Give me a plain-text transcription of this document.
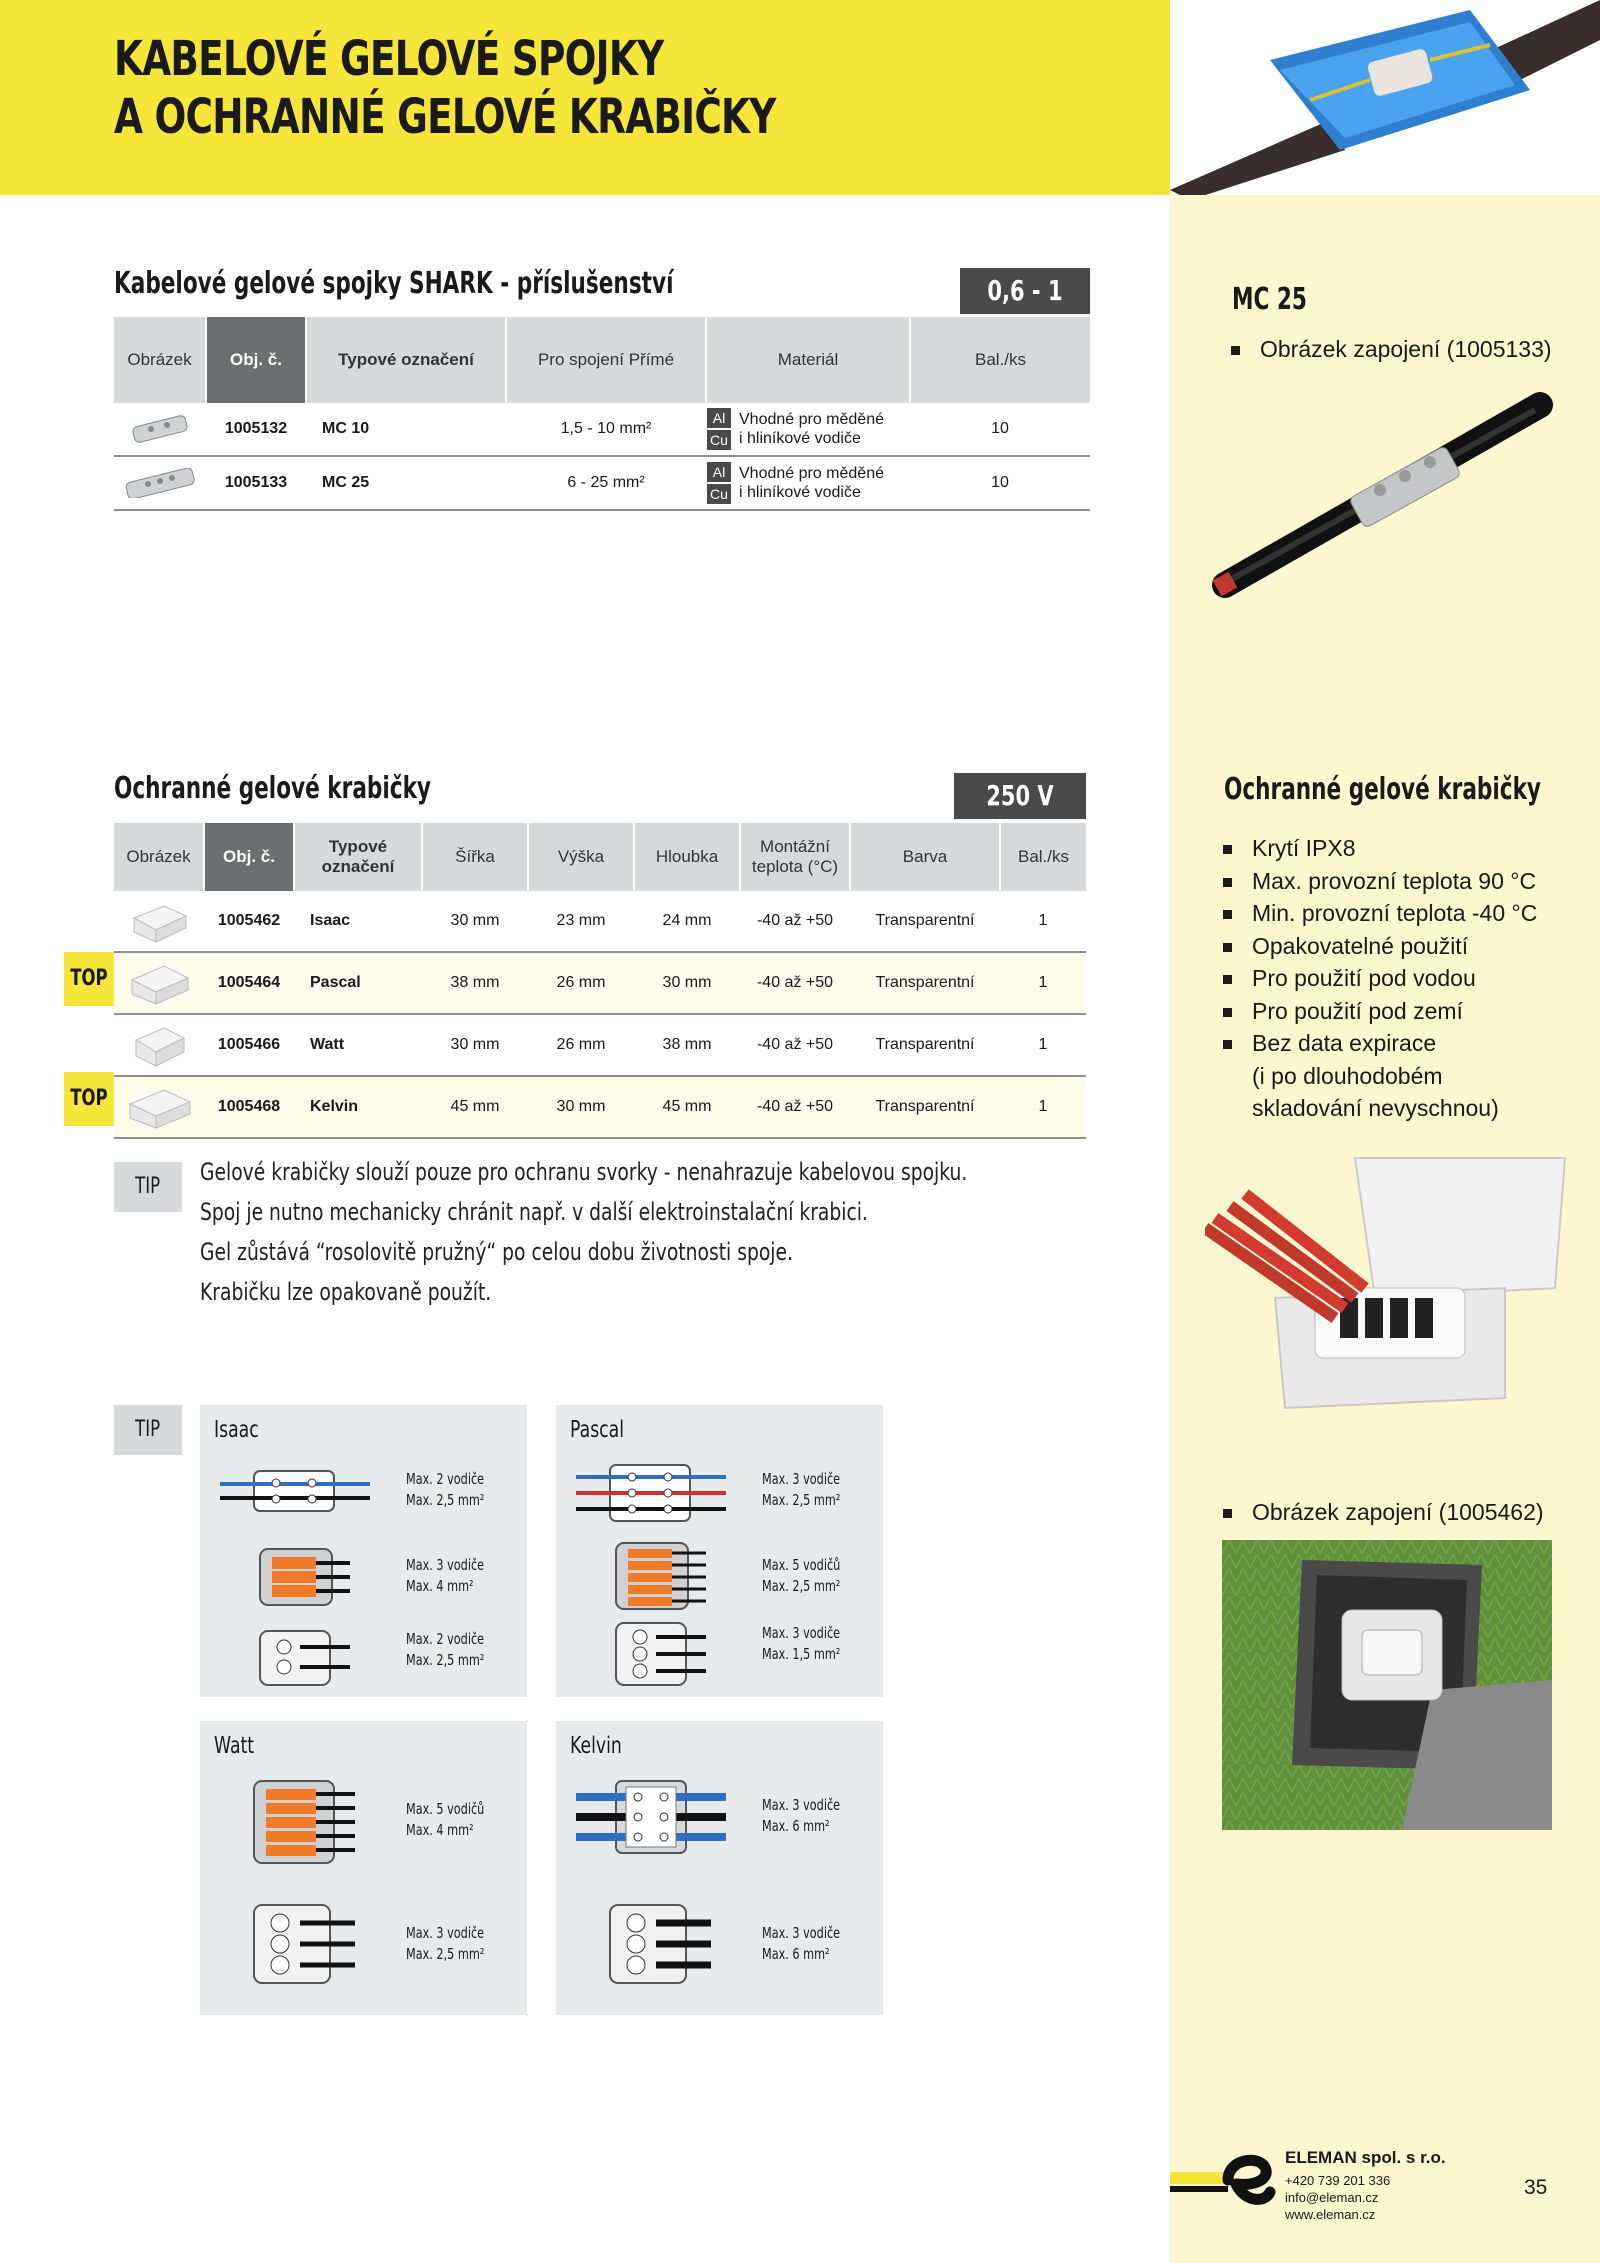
KABELOVÉ GELOVÉ SPOJKY
A OCHRANNÉ GELOVÉ KRABIČKY
MC 25
Obrázek zapojení (1005133)
Ochranné gelové krabičky
Krytí IPX8
Max. provozní teplota 90 °C
Min. provozní teplota -40 °C
Opakovatelné použití
Pro použití pod vodou
Pro použití pod zemí
Bez data expirace
(i po dlouhodobém
skladování nevyschnou)
Obrázek zapojení (1005462)
Kabelové gelové spojky SHARK - příslušenství	0,6 - 1
Obrázek	Obj. č.	Typové označení	Pro spojení Přímé	Materiál	Bal./ks
	1005132	MC 10	1,5 - 10 mm²	Al
Cu
Vhodné pro měděné
i hliníkové vodiče	10
	1005133	MC 25	6 - 25 mm²	Al
Cu
Vhodné pro měděné
i hliníkové vodiče	10
Ochranné gelové krabičky	250 V
Obrázek	Obj. č.	Typové označení	Šířka	Výška	Hloubka	Montážní teplota (°C)	Barva	Bal./ks
	1005462	Isaac	30 mm	23 mm	24 mm	-40 až +50	Transparentní	1
	1005464	Pascal	38 mm	26 mm	30 mm	-40 až +50	Transparentní	1
	1005466	Watt	30 mm	26 mm	38 mm	-40 až +50	Transparentní	1
	1005468	Kelvin	45 mm	30 mm	45 mm	-40 až +50	Transparentní	1
TOP
TOP
TIP
Gelové krabičky slouží pouze pro ochranu svorky - nenahrazuje kabelovou spojku.
Spoj je nutno mechanicky chránit např. v další elektroinstalační krabici.
Gel zůstává “rosolovitě pružný“ po celou dobu životnosti spoje.
Krabičku lze opakovaně použít.
TIP	Isaac
Max. 2 vodiče
Max. 2,5 mm²
Max. 3 vodiče
Max. 4 mm²
Max. 2 vodiče
Max. 2,5 mm²
Pascal
Max. 3 vodiče
Max. 2,5 mm²
Max. 5 vodičů
Max. 2,5 mm²
Max. 3 vodiče
Max. 1,5 mm²
Watt
Max. 5 vodičů
Max. 4 mm²
Max. 3 vodiče
Max. 2,5 mm²
Kelvin
Max. 3 vodiče
Max. 6 mm²
Max. 3 vodiče
Max. 6 mm²
ELEMAN spol. s r.o.
+420 739 201 336
info@eleman.cz
www.eleman.cz
35
